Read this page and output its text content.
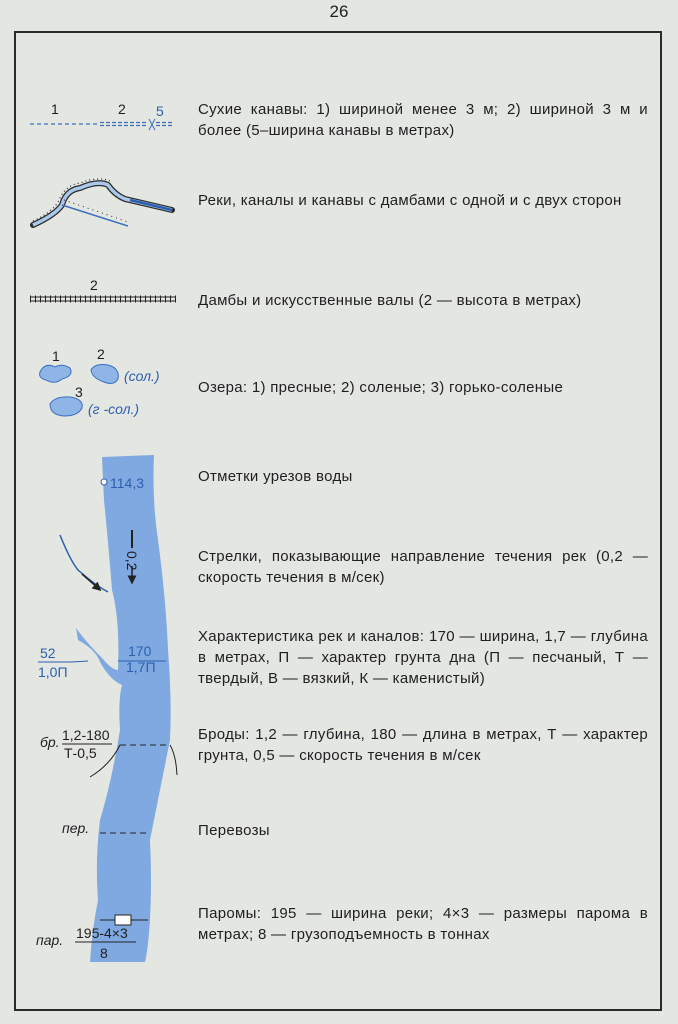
26
1	2 5
2
1	2
3
(сол.)
(г -сол.)
0,2
114,3
52
1,0П
170
1,7П
бр. 1,2-180
Т-0,5
пер.
пар. 195-4×3
8
Сухие канавы: 1) шириной менее 3 м; 2) шириной 3 м и более (5–ширина канавы в метрах)
Реки, каналы и канавы с дамбами с одной и с двух сторон
Дамбы и искусственные валы (2 — высота в метрах)
Озера: 1) пресные; 2) соленые; 3) горько-соленые
Отметки урезов воды
Стрелки, показывающие направление течения рек (0,2 — скорость течения в м/сек)
Характеристика рек и каналов: 170 — ширина, 1,7 — глубина в метрах, П — характер грунта дна (П — песчаный, Т — твердый, В — вязкий, К — каменистый)
Броды: 1,2 — глубина, 180 — длина в метрах, Т — характер грунта, 0,5 — скорость течения в м/сек
Перевозы
Паромы: 195 — ширина реки; 4×3 — размеры парома в метрах; 8 — грузоподъемность в тоннах
